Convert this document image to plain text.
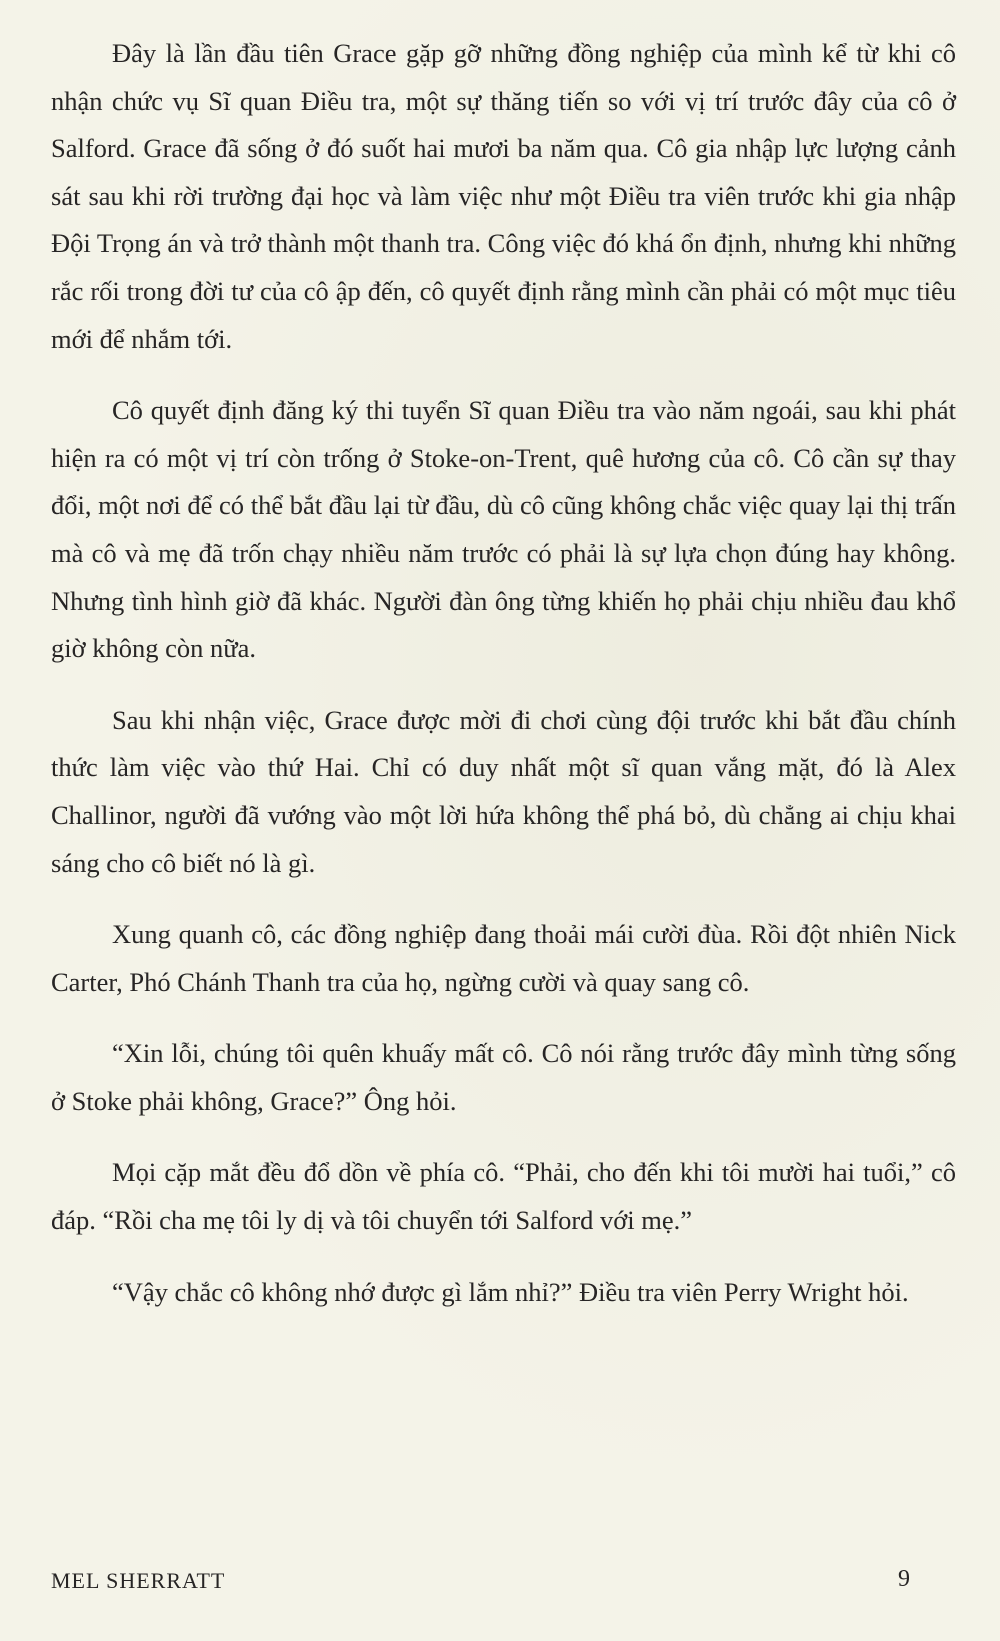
Đây là lần đầu tiên Grace gặp gỡ những đồng nghiệp của mình kể từ khi cô nhận chức vụ Sĩ quan Điều tra, một sự thăng tiến so với vị trí trước đây của cô ở Salford. Grace đã sống ở đó suốt hai mươi ba năm qua. Cô gia nhập lực lượng cảnh sát sau khi rời trường đại học và làm việc như một Điều tra viên trước khi gia nhập Đội Trọng án và trở thành một thanh tra. Công việc đó khá ổn định, nhưng khi những rắc rối trong đời tư của cô ập đến, cô quyết định rằng mình cần phải có một mục tiêu mới để nhắm tới.

Cô quyết định đăng ký thi tuyển Sĩ quan Điều tra vào năm ngoái, sau khi phát hiện ra có một vị trí còn trống ở Stoke-on-Trent, quê hương của cô. Cô cần sự thay đổi, một nơi để có thể bắt đầu lại từ đầu, dù cô cũng không chắc việc quay lại thị trấn mà cô và mẹ đã trốn chạy nhiều năm trước có phải là sự lựa chọn đúng hay không. Nhưng tình hình giờ đã khác. Người đàn ông từng khiến họ phải chịu nhiều đau khổ giờ không còn nữa.

Sau khi nhận việc, Grace được mời đi chơi cùng đội trước khi bắt đầu chính thức làm việc vào thứ Hai. Chỉ có duy nhất một sĩ quan vắng mặt, đó là Alex Challinor, người đã vướng vào một lời hứa không thể phá bỏ, dù chẳng ai chịu khai sáng cho cô biết nó là gì.

Xung quanh cô, các đồng nghiệp đang thoải mái cười đùa. Rồi đột nhiên Nick Carter, Phó Chánh Thanh tra của họ, ngừng cười và quay sang cô.

“Xin lỗi, chúng tôi quên khuấy mất cô. Cô nói rằng trước đây mình từng sống ở Stoke phải không, Grace?” Ông hỏi.

Mọi cặp mắt đều đổ dồn về phía cô. “Phải, cho đến khi tôi mười hai tuổi,” cô đáp. “Rồi cha mẹ tôi ly dị và tôi chuyển tới Salford với mẹ.”

“Vậy chắc cô không nhớ được gì lắm nhỉ?” Điều tra viên Perry Wright hỏi.

MEL SHERRATT	9
